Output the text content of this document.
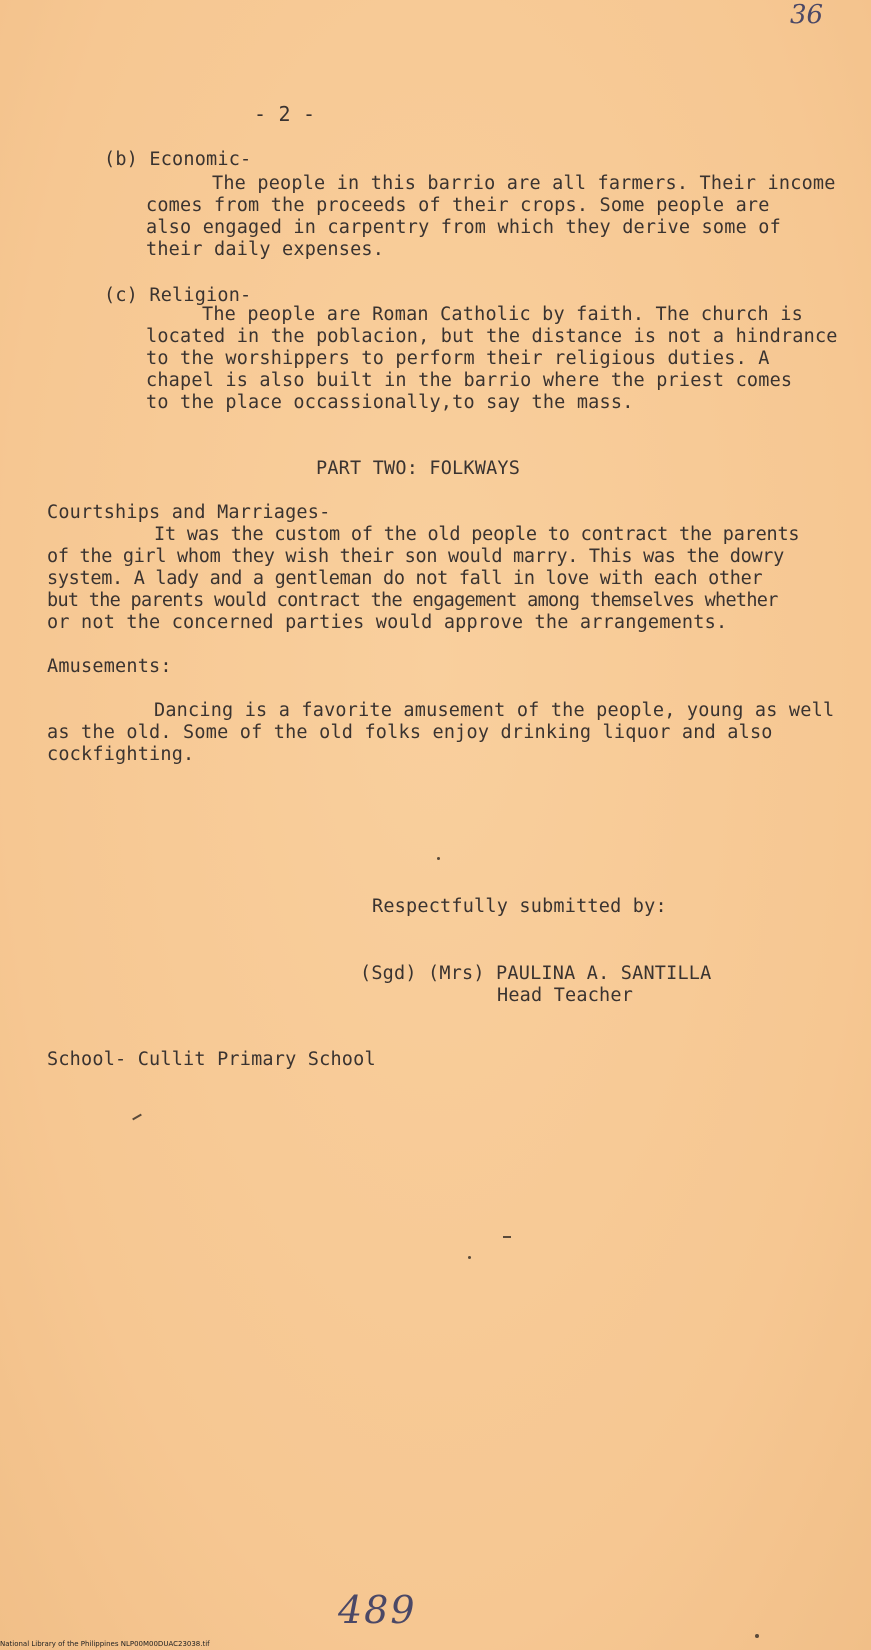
36
- 2 -
(b) Economic-
The people in this barrio are all farmers. Their income
comes from the proceeds of their crops. Some people are
also engaged in carpentry from which they derive some of
their daily expenses.
(c) Religion-
The people are Roman Catholic by faith. The church is
located in the poblacion, but the distance is not a hindrance
to the worshippers to perform their religious duties. A
chapel is also built in the barrio where the priest comes
to the place occassionally,to say the mass.
PART TWO: FOLKWAYS
Courtships and Marriages-
It was the custom of the old people to contract the parents
of the girl whom they wish their son would marry. This was the dowry
system. A lady and a gentleman do not fall in love with each other
but the parents would contract the engagement among themselves whether
or not the concerned parties would approve the arrangements.
Amusements:
Dancing is a favorite amusement of the people, young as well
as the old. Some of the old folks enjoy drinking liquor and also
cockfighting.
Respectfully submitted by:
(Sgd) (Mrs) PAULINA A. SANTILLA
Head Teacher
School- Cullit Primary School
489
National Library of the Philippines NLP00M00DUAC23038.tif
